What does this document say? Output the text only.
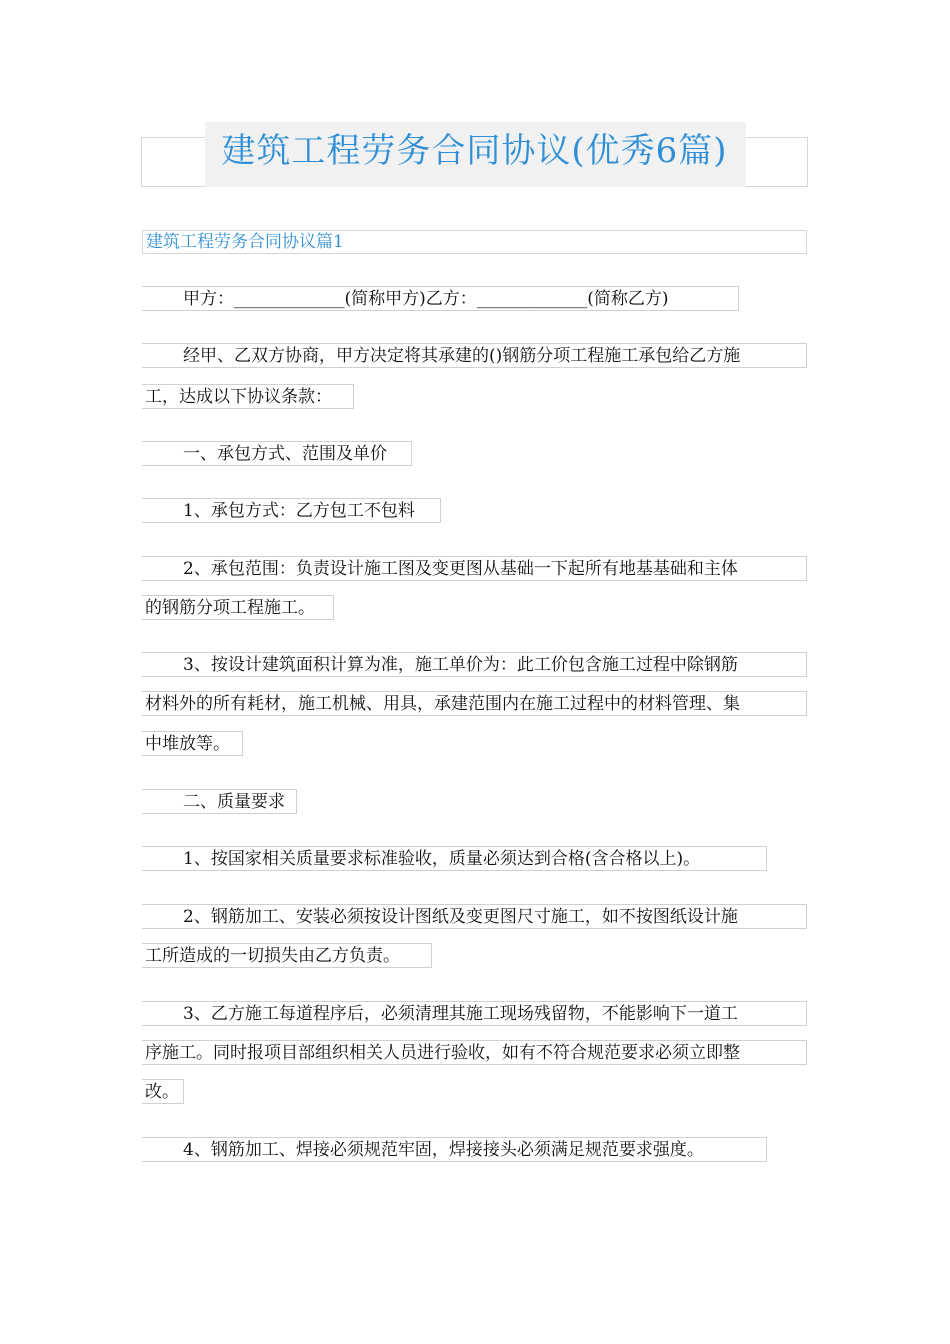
建筑工程劳务合同协议(优秀6篇)
建筑工程劳务合同协议篇1
甲方：_____________(简称甲方)乙方：_____________(简称乙方)
经甲、乙双方协商，甲方决定将其承建的()钢筋分项工程施工承包给乙方施
工，达成以下协议条款：
一、承包方式、范围及单价
1、承包方式：乙方包工不包料
2、承包范围：负责设计施工图及变更图从基础一下起所有地基基础和主体
的钢筋分项工程施工。
3、按设计建筑面积计算为准，施工单价为：此工价包含施工过程中除钢筋
材料外的所有耗材，施工机械、用具，承建范围内在施工过程中的材料管理、集
中堆放等。
二、质量要求
1、按国家相关质量要求标准验收，质量必须达到合格(含合格以上)。
2、钢筋加工、安装必须按设计图纸及变更图尺寸施工，如不按图纸设计施
工所造成的一切损失由乙方负责。
3、乙方施工每道程序后，必须清理其施工现场残留物，不能影响下一道工
序施工。同时报项目部组织相关人员进行验收，如有不符合规范要求必须立即整
改。
4、钢筋加工、焊接必须规范牢固，焊接接头必须满足规范要求强度。
